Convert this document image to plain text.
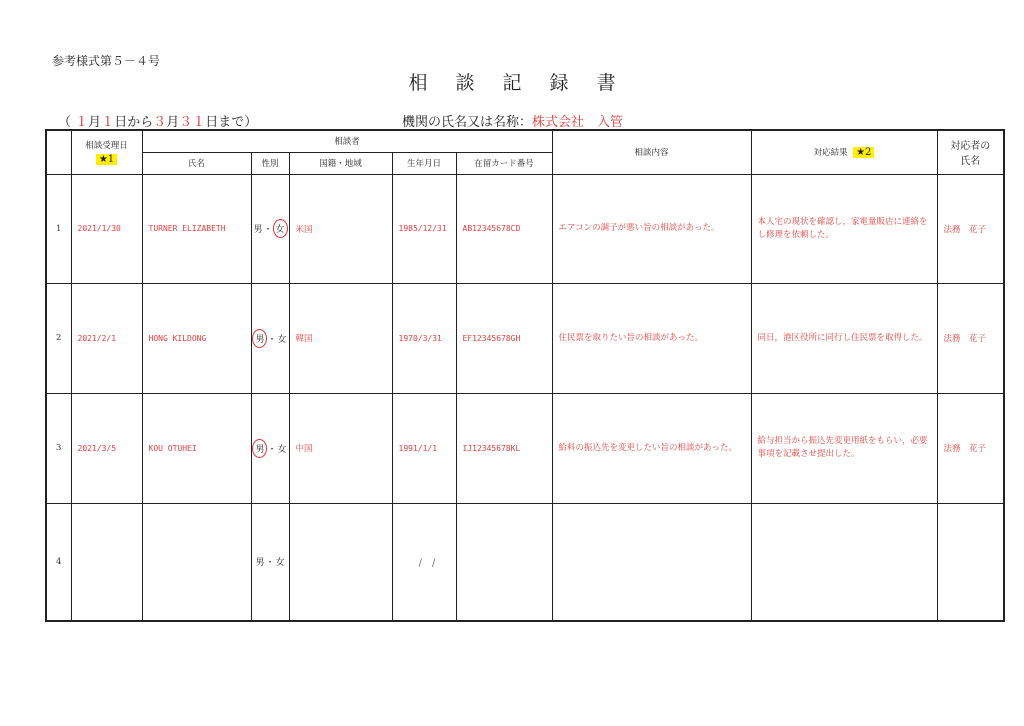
参考様式第５－４号
相談記録書
（ １月１日から３月３１日まで）	機関の氏名又は名称：株式会社　入管

	相談受理日
★1	相談者					相談内容	対応結果 ★2	対応者の氏名
		氏名	性別	国籍・地域	生年月日	在留カード番号			
1	2021/1/30	TURNER ELIZABETH	男・ 女	米国	1985/12/31	AB12345678CD	エアコンの調子が悪い旨の相談があった。	本人宅の現状を確認し，家電量販店に連絡をし修理を依頼した。	法務　花子
2	2021/2/1	HONG KILDONG	男 ・女	韓国	1970/3/31	EF12345678GH	住民票を取りたい旨の相談があった。	同日，港区役所に同行し住民票を取得した。	法務　花子
3	2021/3/5	KOU OTUHEI	男 ・女	中国	1991/1/1	IJ12345678KL	給料の振込先を変更したい旨の相談があった。	給与担当から振込先変更用紙をもらい，必要事項を記載させ提出した。	法務　花子
4			男・女		/　/				
